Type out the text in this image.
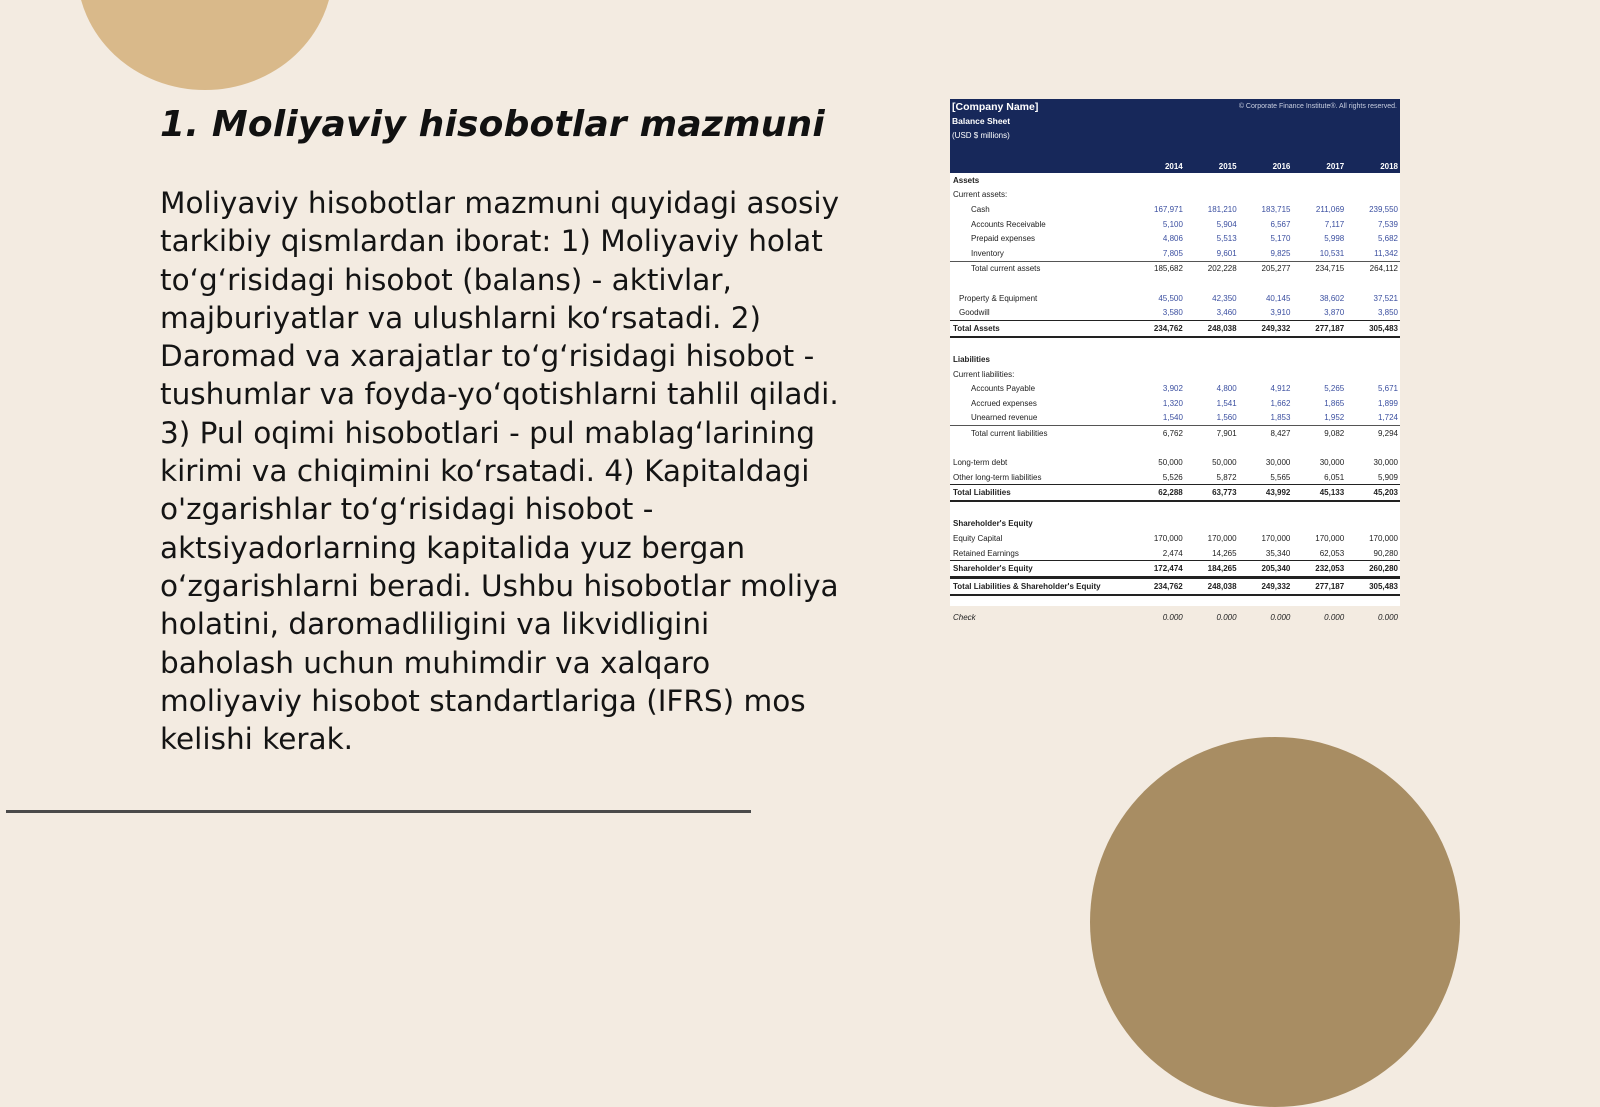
1. Moliyaviy hisobotlar mazmuni

Moliyaviy hisobotlar mazmuni quyidagi asosiy tarkibiy qismlardan iborat: 1) Moliyaviy holat to‘g‘risidagi hisobot (balans) - aktivlar, majburiyatlar va ulushlarni ko‘rsatadi. 2) Daromad va xarajatlar to‘g‘risidagi hisobot - tushumlar va foyda-yo‘qotishlarni tahlil qiladi. 3) Pul oqimi hisobotlari - pul mablag‘larining kirimi va chiqimini ko‘rsatadi. 4) Kapitaldagi o'zgarishlar to‘g‘risidagi hisobot - aktsiyadorlarning kapitalida yuz bergan o‘zgarishlarni beradi. Ushbu hisobotlar moliya holatini, daromadliligini va likvidligini baholash uchun muhimdir va xalqaro moliyaviy hisobot standartlariga (IFRS) mos kelishi kerak.

[Company Name]	© Corporate Finance Institute®. All rights reserved.
Balance Sheet
(USD $ millions)
2014	2015	2016	2017	2018
Assets
Current assets:
Cash	167,971	181,210	183,715	211,069	239,550
Accounts Receivable	5,100	5,904	6,567	7,117	7,539
Prepaid expenses	4,806	5,513	5,170	5,998	5,682
Inventory	7,805	9,601	9,825	10,531	11,342
Total current assets	185,682	202,228	205,277	234,715	264,112
Property & Equipment	45,500	42,350	40,145	38,602	37,521
Goodwill	3,580	3,460	3,910	3,870	3,850
Total Assets	234,762	248,038	249,332	277,187	305,483
Liabilities
Current liabilities:
Accounts Payable	3,902	4,800	4,912	5,265	5,671
Accrued expenses	1,320	1,541	1,662	1,865	1,899
Unearned revenue	1,540	1,560	1,853	1,952	1,724
Total current liabilities	6,762	7,901	8,427	9,082	9,294
Long-term debt	50,000	50,000	30,000	30,000	30,000
Other long-term liabilities	5,526	5,872	5,565	6,051	5,909
Total Liabilities	62,288	63,773	43,992	45,133	45,203
Shareholder's Equity
Equity Capital	170,000	170,000	170,000	170,000	170,000
Retained Earnings	2,474	14,265	35,340	62,053	90,280
Shareholder's Equity	172,474	184,265	205,340	232,053	260,280
Total Liabilities & Shareholder's Equity	234,762	248,038	249,332	277,187	305,483
Check	0.000	0.000	0.000	0.000	0.000
